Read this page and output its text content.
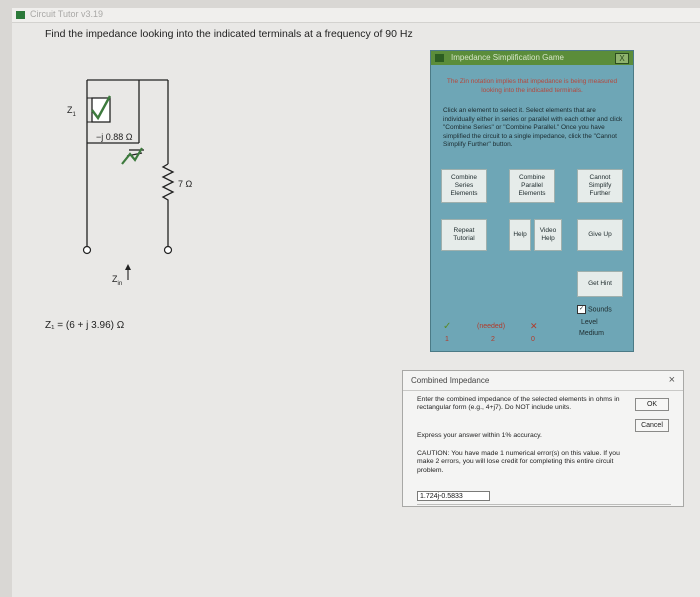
Circuit Tutor v3.19
Find the impedance looking into the indicated terminals at a frequency of 90 Hz
$Z_1$
−j 0.88 Ω
7 Ω
$Z_{in}$
Z₁ = (6 + j 3.96) Ω
Impedance Simplification Game	X
The Zin notation implies that impedance is being measured looking into the indicated terminals.
Click an element to select it. Select elements that are individually either in series or parallel with each other and click "Combine Series" or "Combine Parallel." Once you have simplified the circuit to a single impedance, click the "Cannot Simplify Further" button.
Combine Series Elements
Combine Parallel Elements
Cannot Simplify Further
Repeat Tutorial
Help
Video Help
Give Up
Get Hint
✓ Sounds
Level
Medium
✓
1
(needed)
2
✕
0
Combined Impedance	×
Enter the combined impedance of the selected elements in ohms in rectangular form (e.g., 4+j7). Do NOT include units.
Express your answer within 1% accuracy.
CAUTION: You have made 1 numerical error(s) on this value. If you make 2 errors, you will lose credit for completing this entire circuit problem.
OK
Cancel
1.724j-0.5833
